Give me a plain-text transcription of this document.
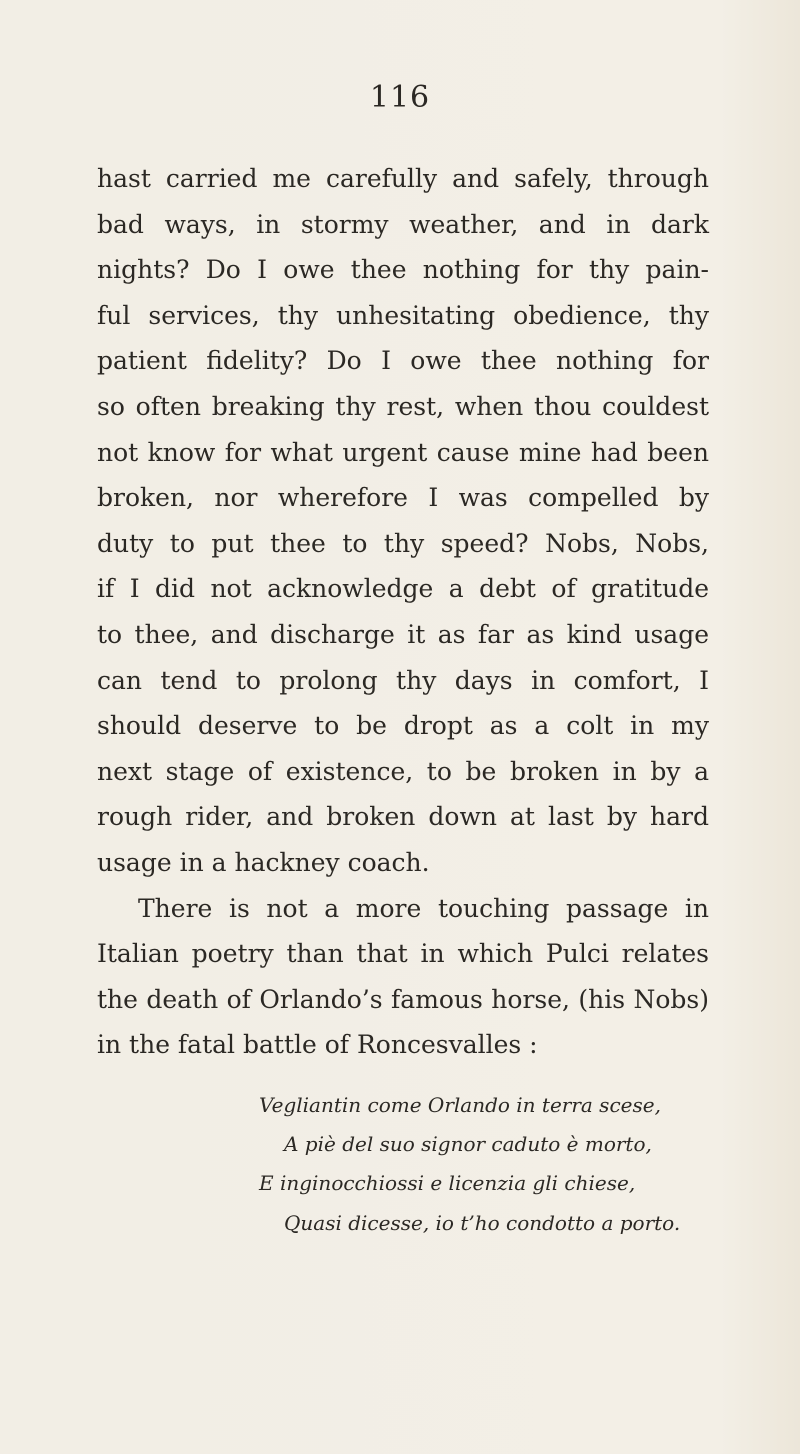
116
hast carried me carefully and safely, through
bad ways, in stormy weather, and in dark
nights? Do I owe thee nothing for thy pain-
ful services, thy unhesitating obedience, thy
patient fidelity? Do I owe thee nothing for
so often breaking thy rest, when thou couldest
not know for what urgent cause mine had been
broken, nor wherefore I was compelled by
duty to put thee to thy speed? Nobs, Nobs,
if I did not acknowledge a debt of gratitude
to thee, and discharge it as far as kind usage
can tend to prolong thy days in comfort, I
should deserve to be dropt as a colt in my
next stage of existence, to be broken in by a
rough rider, and broken down at last by hard
usage in a hackney coach.
There is not a more touching passage in
Italian poetry than that in which Pulci relates
the death of Orlando’s famous horse, (his Nobs)
in the fatal battle of Roncesvalles :
Vegliantin come Orlando in terra scese,
A piè del suo signor caduto è morto,
E inginocchiossi e licenzia gli chiese,
Quasi dicesse, io t’ho condotto a porto.
